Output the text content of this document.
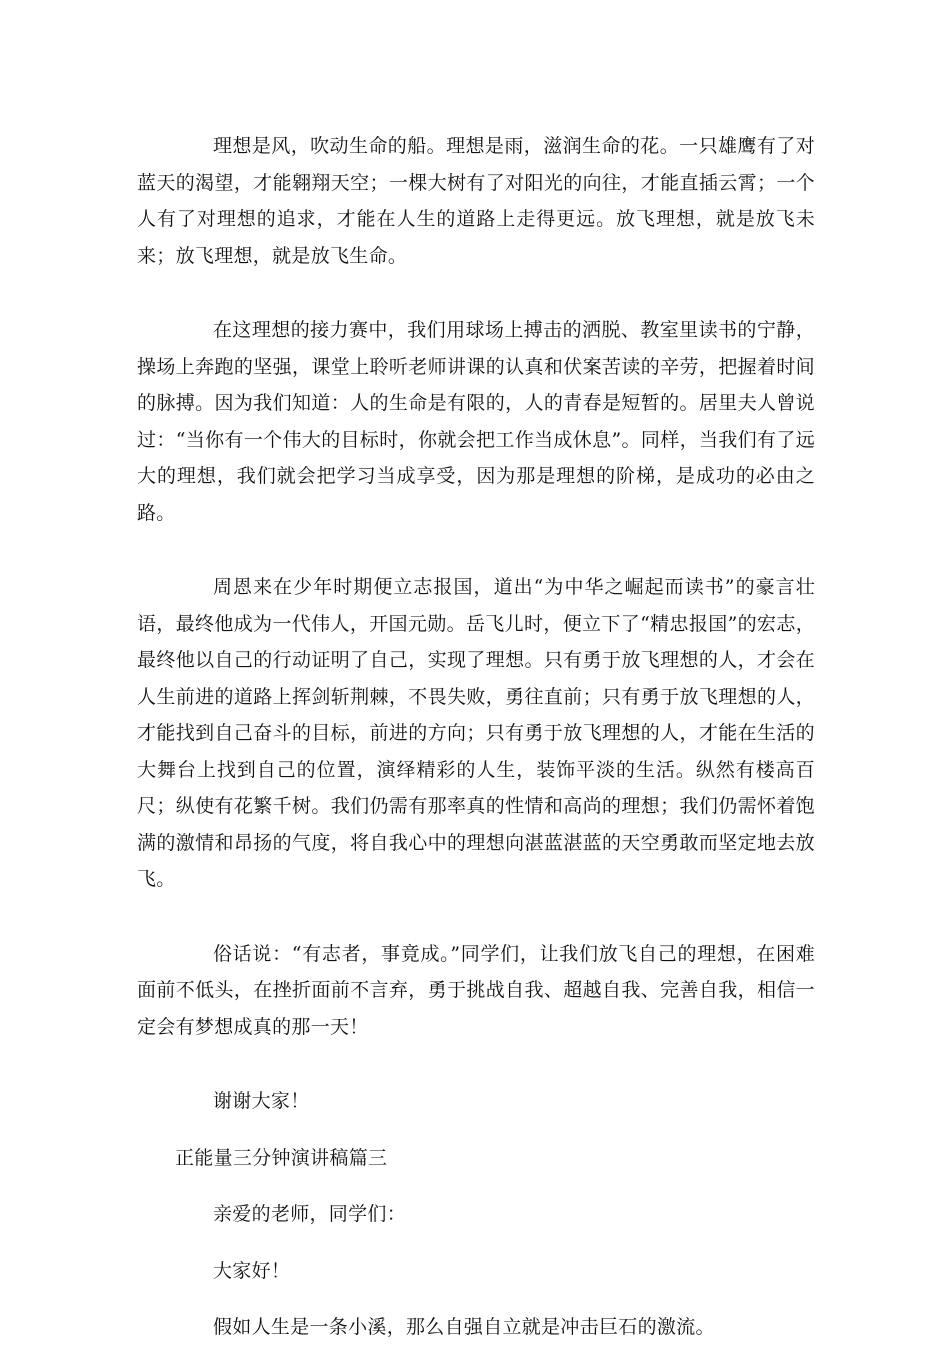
理想是风，吹动生命的船。理想是雨，滋润生命的花。一只雄鹰有了对蓝天的渴望，才能翱翔天空；一棵大树有了对阳光的向往，才能直插云霄；一个人有了对理想的追求，才能在人生的道路上走得更远。放飞理想，就是放飞未来；放飞理想，就是放飞生命。

在这理想的接力赛中，我们用球场上搏击的洒脱、教室里读书的宁静，操场上奔跑的坚强，课堂上聆听老师讲课的认真和伏案苦读的辛劳，把握着时间的脉搏。因为我们知道：人的生命是有限的，人的青春是短暂的。居里夫人曾说过：“当你有一个伟大的目标时，你就会把工作当成休息”。同样，当我们有了远大的理想，我们就会把学习当成享受，因为那是理想的阶梯，是成功的必由之路。

周恩来在少年时期便立志报国，道出“为中华之崛起而读书”的豪言壮语，最终他成为一代伟人，开国元勋。岳飞儿时，便立下了“精忠报国”的宏志，最终他以自己的行动证明了自己，实现了理想。只有勇于放飞理想的人，才会在人生前进的道路上挥剑斩荆棘，不畏失败，勇往直前；只有勇于放飞理想的人，才能找到自己奋斗的目标，前进的方向；只有勇于放飞理想的人，才能在生活的大舞台上找到自己的位置，演绎精彩的人生，装饰平淡的生活。纵然有楼高百尺；纵使有花繁千树。我们仍需有那率真的性情和高尚的理想；我们仍需怀着饱满的激情和昂扬的气度，将自我心中的理想向湛蓝湛蓝的天空勇敢而坚定地去放飞。

俗话说：“有志者，事竟成。”同学们，让我们放飞自己的理想，在困难面前不低头，在挫折面前不言弃，勇于挑战自我、超越自我、完善自我，相信一定会有梦想成真的那一天！

谢谢大家！

正能量三分钟演讲稿篇三

亲爱的老师，同学们：

大家好！

假如人生是一条小溪，那么自强自立就是冲击巨石的激流。
